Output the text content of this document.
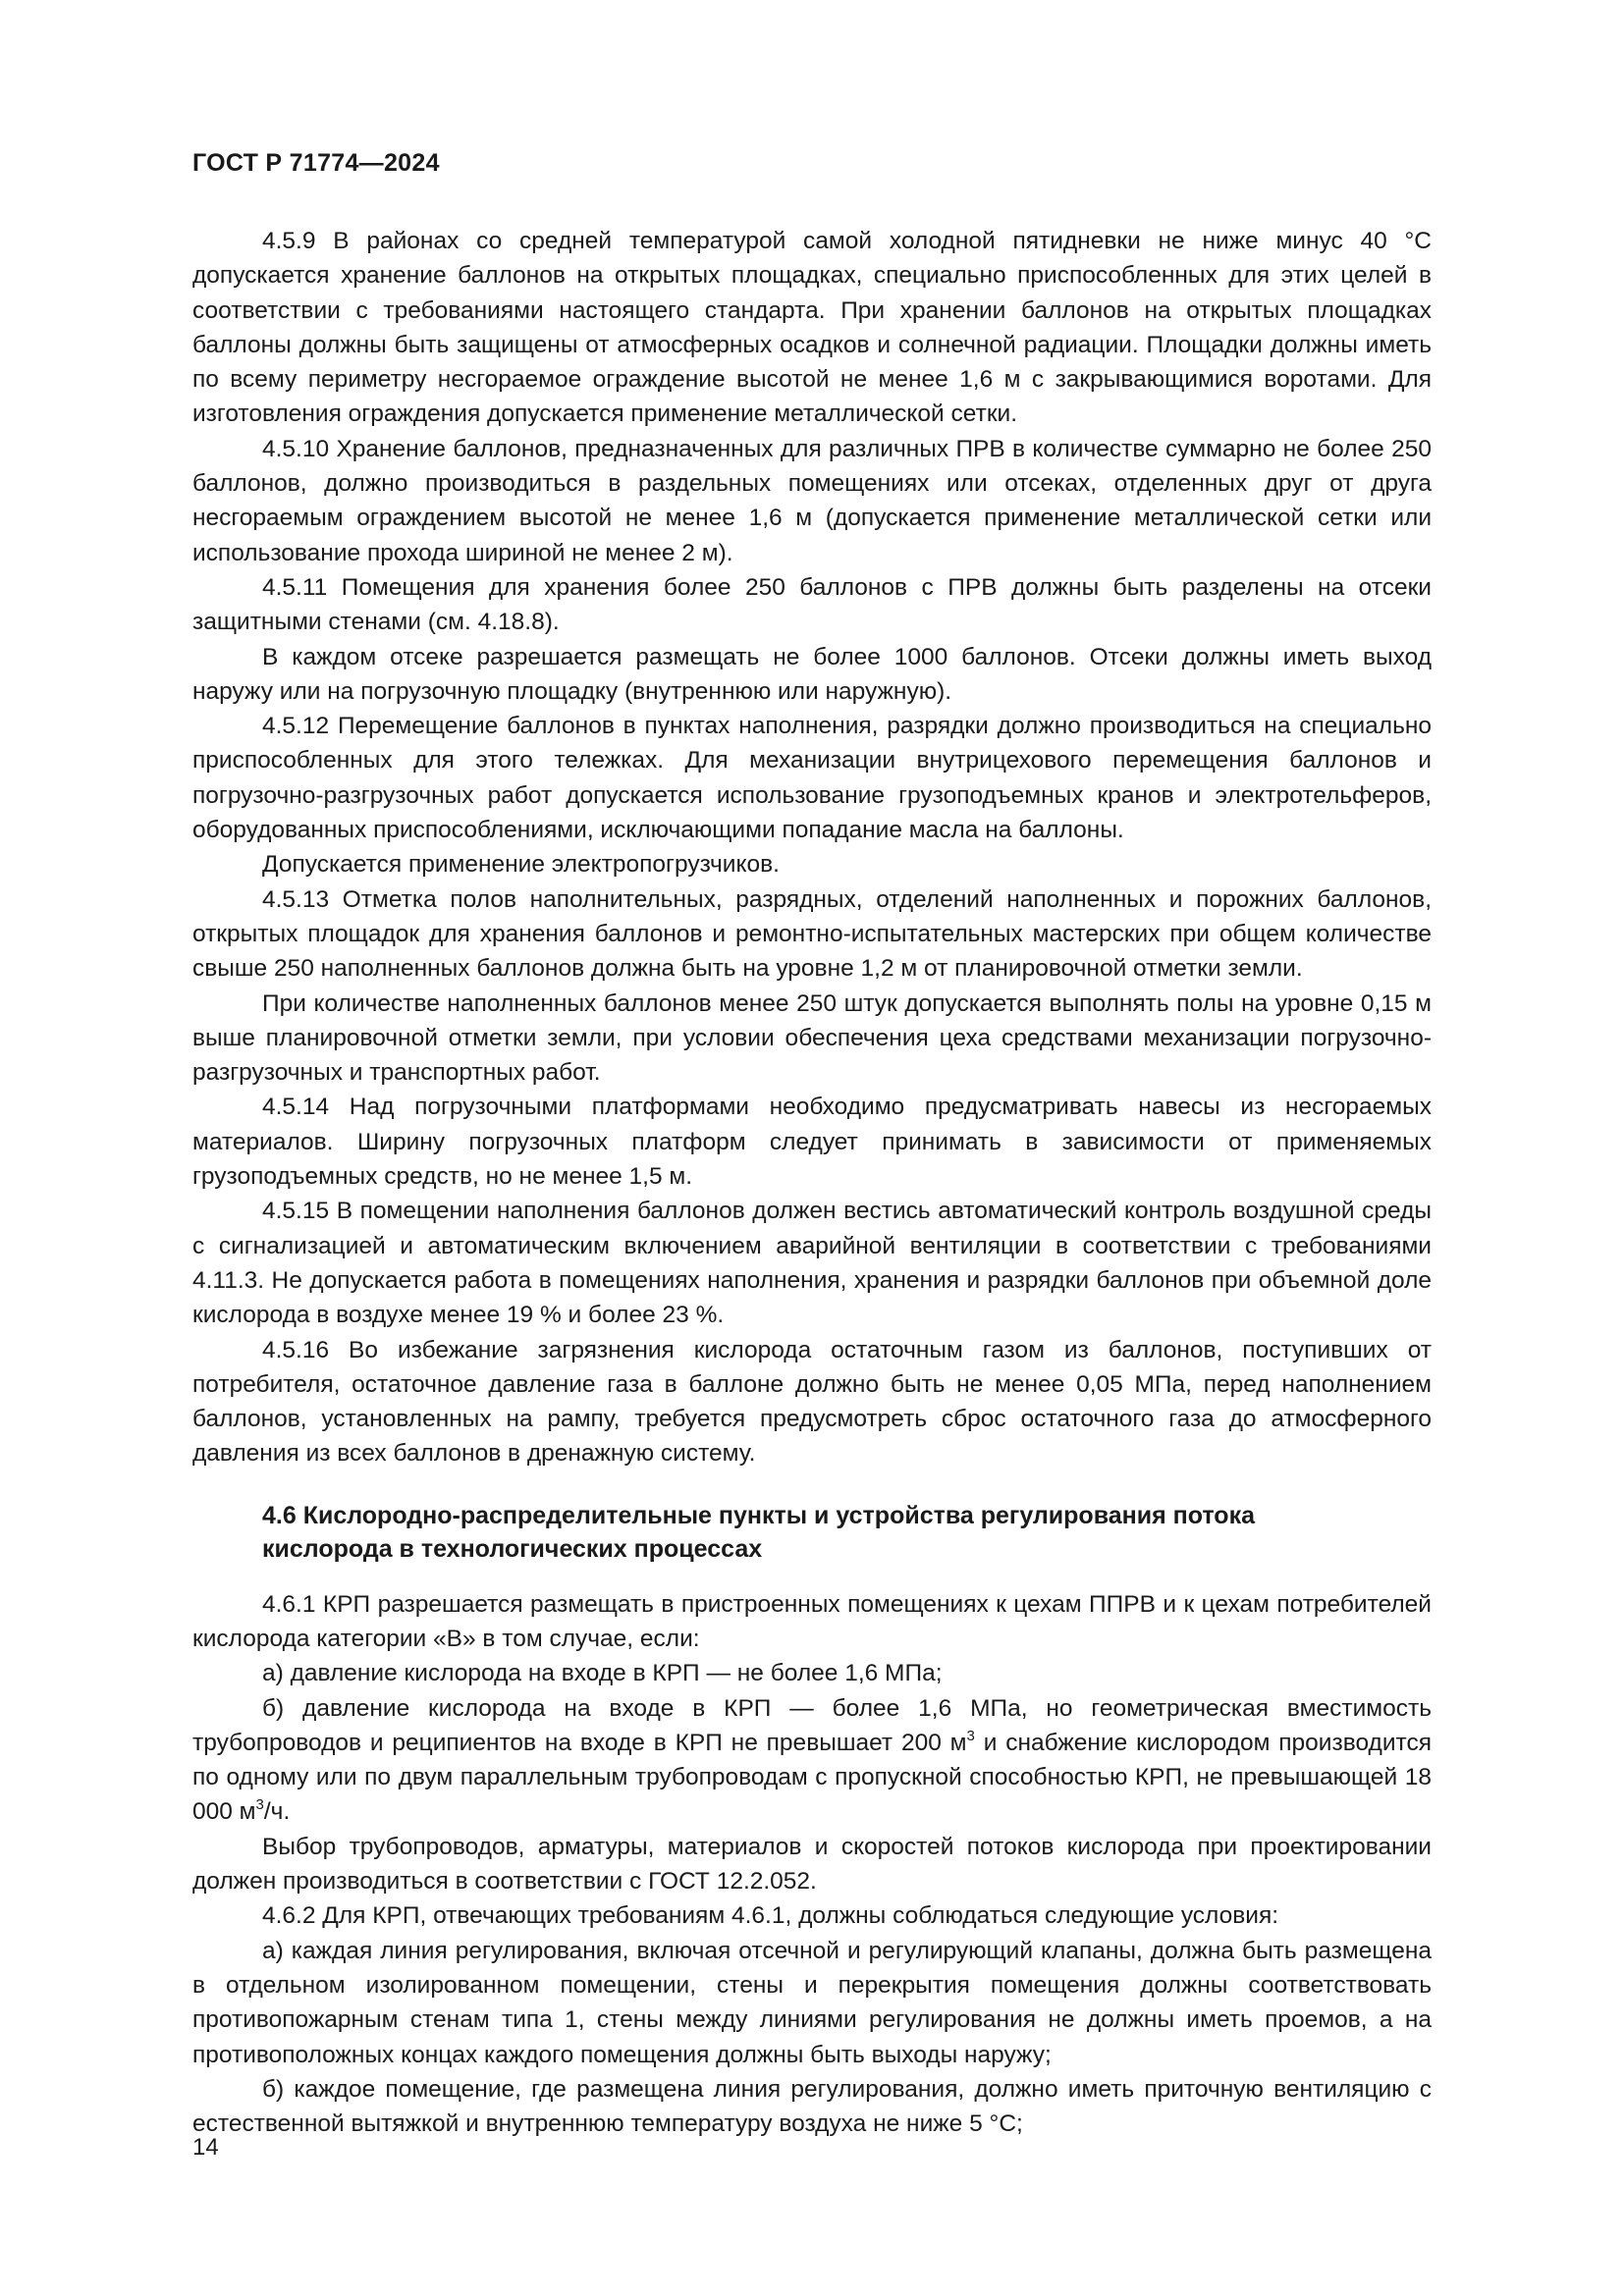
ГОСТ Р 71774—2024

4.5.9 В районах со средней температурой самой холодной пятидневки не ниже минус 40 °С допускается хранение баллонов на открытых площадках, специально приспособленных для этих целей в соответствии с требованиями настоящего стандарта. При хранении баллонов на открытых площадках баллоны должны быть защищены от атмосферных осадков и солнечной радиации. Площадки должны иметь по всему периметру несгораемое ограждение высотой не менее 1,6 м с закрывающимися воротами. Для изготовления ограждения допускается применение металлической сетки.

4.5.10 Хранение баллонов, предназначенных для различных ПРВ в количестве суммарно не более 250 баллонов, должно производиться в раздельных помещениях или отсеках, отделенных друг от друга несгораемым ограждением высотой не менее 1,6 м (допускается применение металлической сетки или использование прохода шириной не менее 2 м).

4.5.11 Помещения для хранения более 250 баллонов с ПРВ должны быть разделены на отсеки защитными стенами (см. 4.18.8).

В каждом отсеке разрешается размещать не более 1000 баллонов. Отсеки должны иметь выход наружу или на погрузочную площадку (внутреннюю или наружную).

4.5.12 Перемещение баллонов в пунктах наполнения, разрядки должно производиться на специально приспособленных для этого тележках. Для механизации внутрицехового перемещения баллонов и погрузочно-разгрузочных работ допускается использование грузоподъемных кранов и электротельферов, оборудованных приспособлениями, исключающими попадание масла на баллоны.

Допускается применение электропогрузчиков.

4.5.13 Отметка полов наполнительных, разрядных, отделений наполненных и порожних баллонов, открытых площадок для хранения баллонов и ремонтно-испытательных мастерских при общем количестве свыше 250 наполненных баллонов должна быть на уровне 1,2 м от планировочной отметки земли.

При количестве наполненных баллонов менее 250 штук допускается выполнять полы на уровне 0,15 м выше планировочной отметки земли, при условии обеспечения цеха средствами механизации погрузочно-разгрузочных и транспортных работ.

4.5.14 Над погрузочными платформами необходимо предусматривать навесы из несгораемых материалов. Ширину погрузочных платформ следует принимать в зависимости от применяемых грузоподъемных средств, но не менее 1,5 м.

4.5.15 В помещении наполнения баллонов должен вестись автоматический контроль воздушной среды с сигнализацией и автоматическим включением аварийной вентиляции в соответствии с требованиями 4.11.3. Не допускается работа в помещениях наполнения, хранения и разрядки баллонов при объемной доле кислорода в воздухе менее 19 % и более 23 %.

4.5.16 Во избежание загрязнения кислорода остаточным газом из баллонов, поступивших от потребителя, остаточное давление газа в баллоне должно быть не менее 0,05 МПа, перед наполнением баллонов, установленных на рампу, требуется предусмотреть сброс остаточного газа до атмосферного давления из всех баллонов в дренажную систему.

4.6 Кислородно-распределительные пункты и устройства регулирования потока
кислорода в технологических процессах

4.6.1 КРП разрешается размещать в пристроенных помещениях к цехам ППРВ и к цехам потребителей кислорода категории «В» в том случае, если:

а) давление кислорода на входе в КРП — не более 1,6 МПа;

б) давление кислорода на входе в КРП — более 1,6 МПа, но геометрическая вместимость трубопроводов и реципиентов на входе в КРП не превышает 200 $м^3$ и снабжение кислородом производится по одному или по двум параллельным трубопроводам с пропускной способностью КРП, не превышающей 18 000 $м^3/ч$.

Выбор трубопроводов, арматуры, материалов и скоростей потоков кислорода при проектировании должен производиться в соответствии с ГОСТ 12.2.052.

4.6.2 Для КРП, отвечающих требованиям 4.6.1, должны соблюдаться следующие условия:

а) каждая линия регулирования, включая отсечной и регулирующий клапаны, должна быть размещена в отдельном изолированном помещении, стены и перекрытия помещения должны соответствовать противопожарным стенам типа 1, стены между линиями регулирования не должны иметь проемов, а на противоположных концах каждого помещения должны быть выходы наружу;

б) каждое помещение, где размещена линия регулирования, должно иметь приточную вентиляцию с естественной вытяжкой и внутреннюю температуру воздуха не ниже 5 °С;

14
